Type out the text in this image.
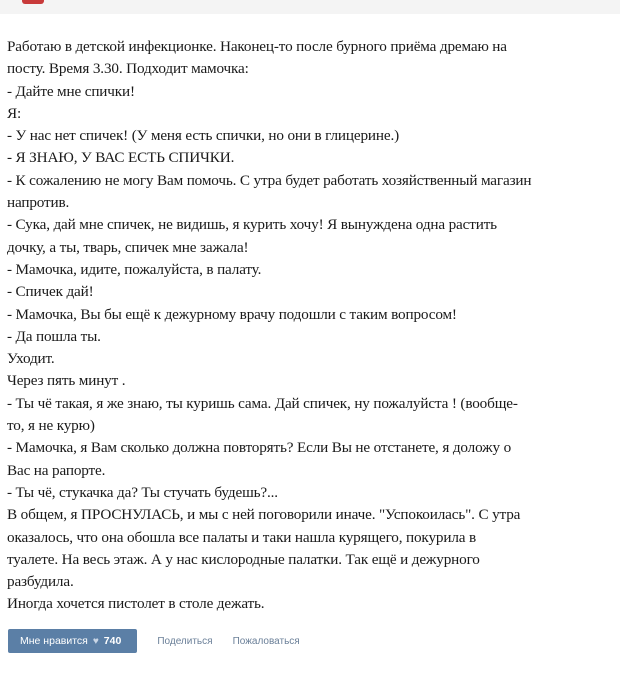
Работаю в детской инфекционке. Наконец-то после бурного приёма дремаю на
посту. Время 3.30. Подходит мамочка:
- Дайте мне спички!
Я:
- У нас нет спичек! (У меня есть спички, но они в глицерине.)
- Я ЗНАЮ, У ВАС ЕСТЬ СПИЧКИ.
- К сожалению не могу Вам помочь. С утра будет работать хозяйственный магазин
напротив.
- Сука, дай мне спичек, не видишь, я курить хочу! Я вынуждена одна растить
дочку, а ты, тварь, спичек мне зажала!
- Мамочка, идите, пожалуйста, в палату.
- Спичек дай!
- Мамочка, Вы бы ещё к дежурному врачу подошли с таким вопросом!
- Да пошла ты.
Уходит.
Через пять минут .
- Ты чё такая, я же знаю, ты куришь сама. Дай спичек, ну пожалуйста ! (вообще-
то, я не курю)
- Мамочка, я Вам сколько должна повторять? Если Вы не отстанете, я доложу о
Вас на рапорте.
- Ты чё, стукачка да? Ты стучать будешь?...
В общем, я ПРОСНУЛАСЬ, и мы с ней поговорили иначе. "Успокоилась". С утра
оказалось, что она обошла все палаты и таки нашла курящего, покурила в
туалете. На весь этаж. А у нас кислородные палатки. Так ещё и дежурного
разбудила.
Иногда хочется пистолет в столе дежать.
Мне нравится ♥ 740	Поделиться Пожаловаться
